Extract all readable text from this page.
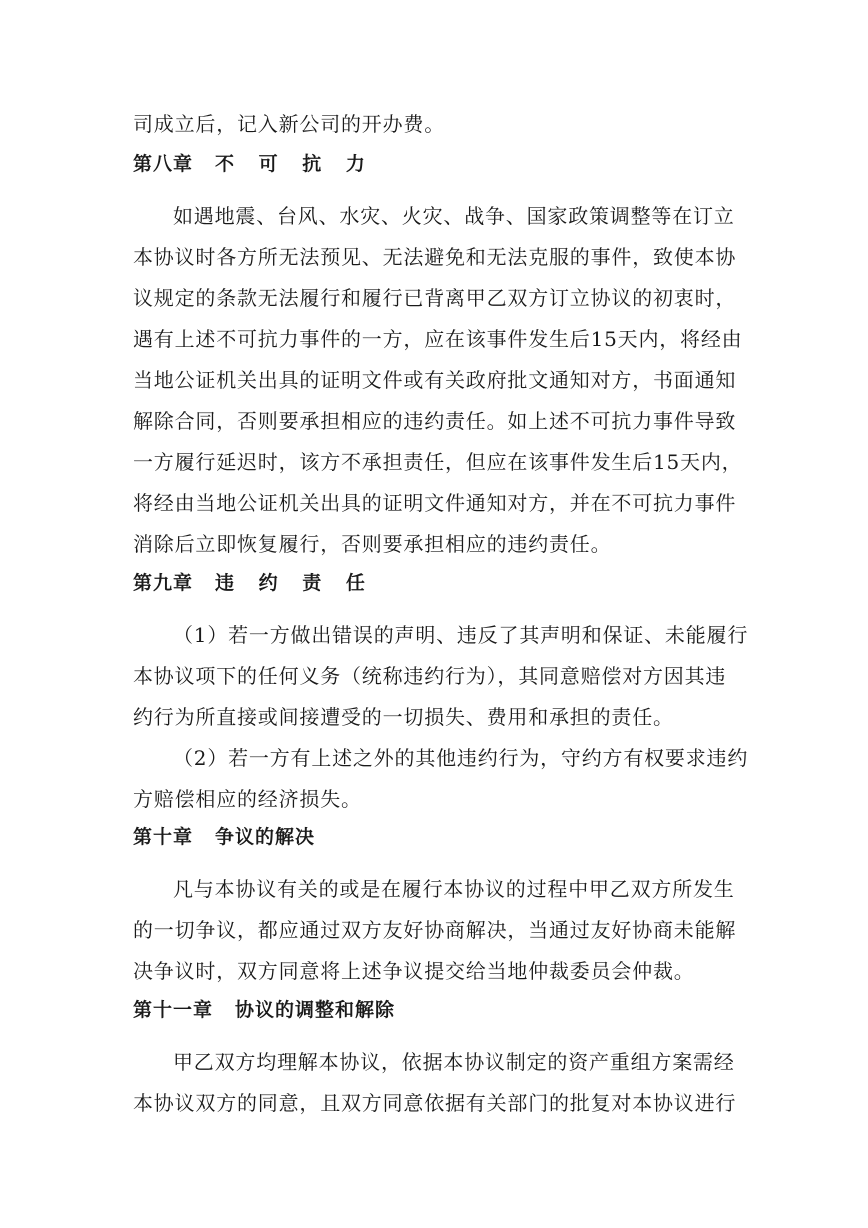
司成立后，记入新公司的开办费。
第八章 不 可 抗 力
如遇地震、台风、水灾、火灾、战争、国家政策调整等在订立
本协议时各方所无法预见、无法避免和无法克服的事件，致使本协
议规定的条款无法履行和履行已背离甲乙双方订立协议的初衷时，
遇有上述不可抗力事件的一方，应在该事件发生后15天内，将经由
当地公证机关出具的证明文件或有关政府批文通知对方，书面通知
解除合同，否则要承担相应的违约责任。如上述不可抗力事件导致
一方履行延迟时，该方不承担责任，但应在该事件发生后15天内，
将经由当地公证机关出具的证明文件通知对方，并在不可抗力事件
消除后立即恢复履行，否则要承担相应的违约责任。
第九章 违 约 责 任
（1）若一方做出错误的声明、违反了其声明和保证、未能履行
本协议项下的任何义务（统称违约行为），其同意赔偿对方因其违
约行为所直接或间接遭受的一切损失、费用和承担的责任。
（2）若一方有上述之外的其他违约行为，守约方有权要求违约
方赔偿相应的经济损失。
第十章 争议的解决
凡与本协议有关的或是在履行本协议的过程中甲乙双方所发生
的一切争议，都应通过双方友好协商解决，当通过友好协商未能解
决争议时，双方同意将上述争议提交给当地仲裁委员会仲裁。
第十一章 协议的调整和解除
甲乙双方均理解本协议，依据本协议制定的资产重组方案需经
本协议双方的同意，且双方同意依据有关部门的批复对本协议进行
